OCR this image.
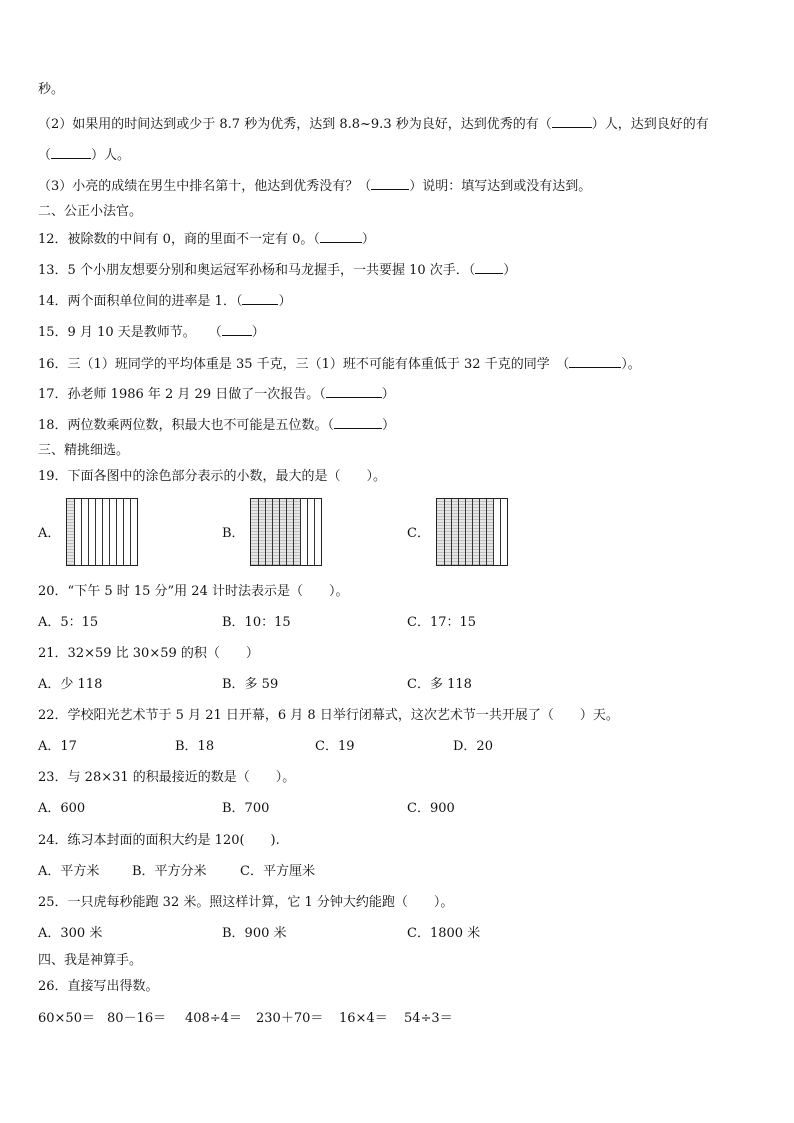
秒。
（2）如果用的时间达到或少于 8.7 秒为优秀，达到 8.8~9.3 秒为良好，达到优秀的有（	）人，达到良好的有
（	）人。
（3）小亮的成绩在男生中排名第十，他达到优秀没有？（	）说明：填写达到或没有达到。
二、公正小法官。
12．被除数的中间有 0，商的里面不一定有 0。（	）
13．5 个小朋友想要分别和奥运冠军孙杨和马龙握手，一共要握 10 次手．（ ）
14．两个面积单位间的进率是 1．（	）
15．9 月 10 天是教师节。　　（ ）
16．三（1）班同学的平均体重是 35 千克，三（1）班不可能有体重低于 32 千克的同学　（	）。
17．孙老师 1986 年 2 月 29 日做了一次报告。（	）
18．两位数乘两位数，积最大也不可能是五位数。（	）
三、精挑细选。
19．下面各图中的涂色部分表示的小数，最大的是（　　）。
A．	B．	C．
20．“下午 5 时 15 分”用 24 计时法表示是（　　）。
A．5：15	B．10：15	C．17：15
21．32×59 比 30×59 的积（　　）
A．少 118	B．多 59	C．多 118
22．学校阳光艺术节于 5 月 21 日开幕，6 月 8 日举行闭幕式，这次艺术节一共开展了（　　）天。
A．17	B．18	C．19	D．20
23．与 28×31 的积最接近的数是（　　）。
A．600	B．700	C．900
24．练习本封面的面积大约是 120(　　).
A．平方米	B．平方分米	C．平方厘米
25．一只虎每秒能跑 32 米。照这样计算，它 1 分钟大约能跑（　　）。
A．300 米	B．900 米	C．1800 米
四、我是神算手。
26．直接写出得数。
60×50＝ 80－16＝ 408÷4＝ 230＋70＝ 16×4＝ 54÷3＝
